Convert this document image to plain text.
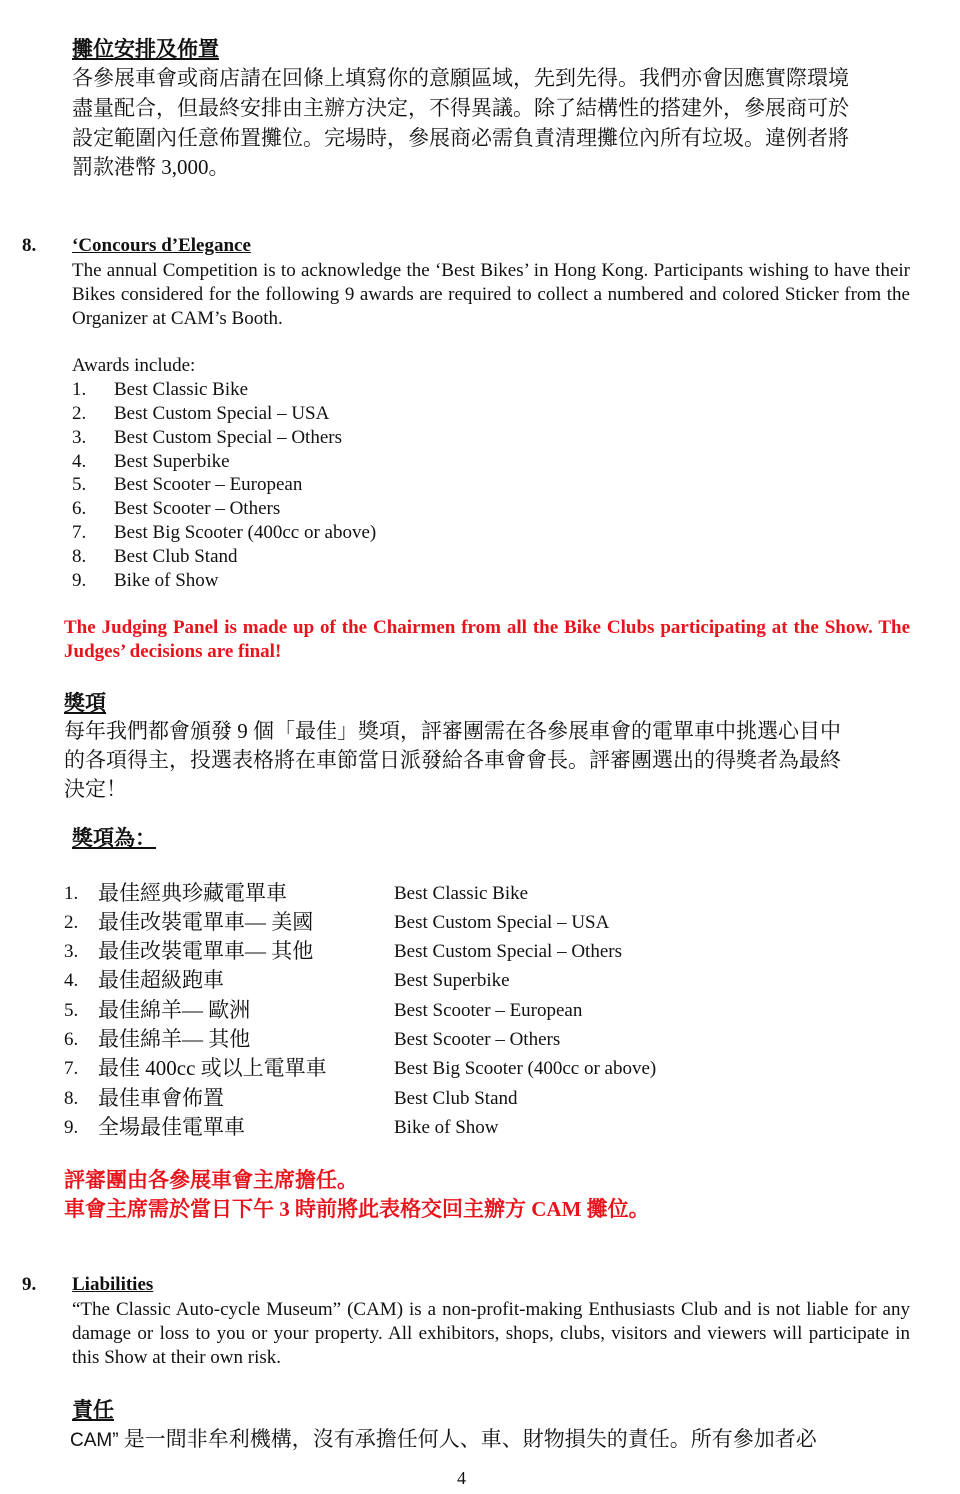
攤位安排及佈置
各參展車會或商店請在回條上填寫你的意願區域，先到先得。我們亦會因應實際環境
盡量配合，但最終安排由主辦方決定，不得異議。除了結構性的搭建外，參展商可於
設定範圍內任意佈置攤位。完場時，參展商必需負責清理攤位內所有垃圾。違例者將
罰款港幣 3,000。
8. ‘Concours d’Elegance
The annual Competition is to acknowledge the ‘Best Bikes’ in Hong Kong. Participants wishing to have their Bikes considered for the following 9 awards are required to collect a numbered and colored Sticker from the Organizer at CAM’s Booth.
Awards include:
1. Best Classic Bike
2. Best Custom Special – USA
3. Best Custom Special – Others
4. Best Superbike
5. Best Scooter – European
6. Best Scooter – Others
7. Best Big Scooter (400cc or above)
8. Best Club Stand
9. Bike of Show
The Judging Panel is made up of the Chairmen from all the Bike Clubs participating at the Show. The Judges’ decisions are final!
獎項
每年我們都會頒發 9 個「最佳」獎項，評審團需在各參展車會的電單車中挑選心目中
的各項得主，投選表格將在車節當日派發給各車會會長。評審團選出的得獎者為最終
決定！
獎項為：
1. 最佳經典珍藏電單車	Best Classic Bike
2. 最佳改裝電單車— 美國	Best Custom Special – USA
3. 最佳改裝電單車— 其他	Best Custom Special – Others
4. 最佳超級跑車	Best Superbike
5. 最佳綿羊— 歐洲	Best Scooter – European
6. 最佳綿羊— 其他	Best Scooter – Others
7. 最佳 400cc 或以上電單車	Best Big Scooter (400cc or above)
8. 最佳車會佈置	Best Club Stand
9. 全場最佳電單車	Bike of Show
評審團由各參展車會主席擔任。
車會主席需於當日下午 3 時前將此表格交回主辦方 CAM 攤位。
9. Liabilities
“The Classic Auto-cycle Museum” (CAM) is a non-profit-making Enthusiasts Club and is not liable for any damage or loss to you or your property. All exhibitors, shops, clubs, visitors and viewers will participate in this Show at their own risk.
責任
CAM” 是一間非牟利機構，沒有承擔任何人、車、財物損失的責任。所有參加者必
4
